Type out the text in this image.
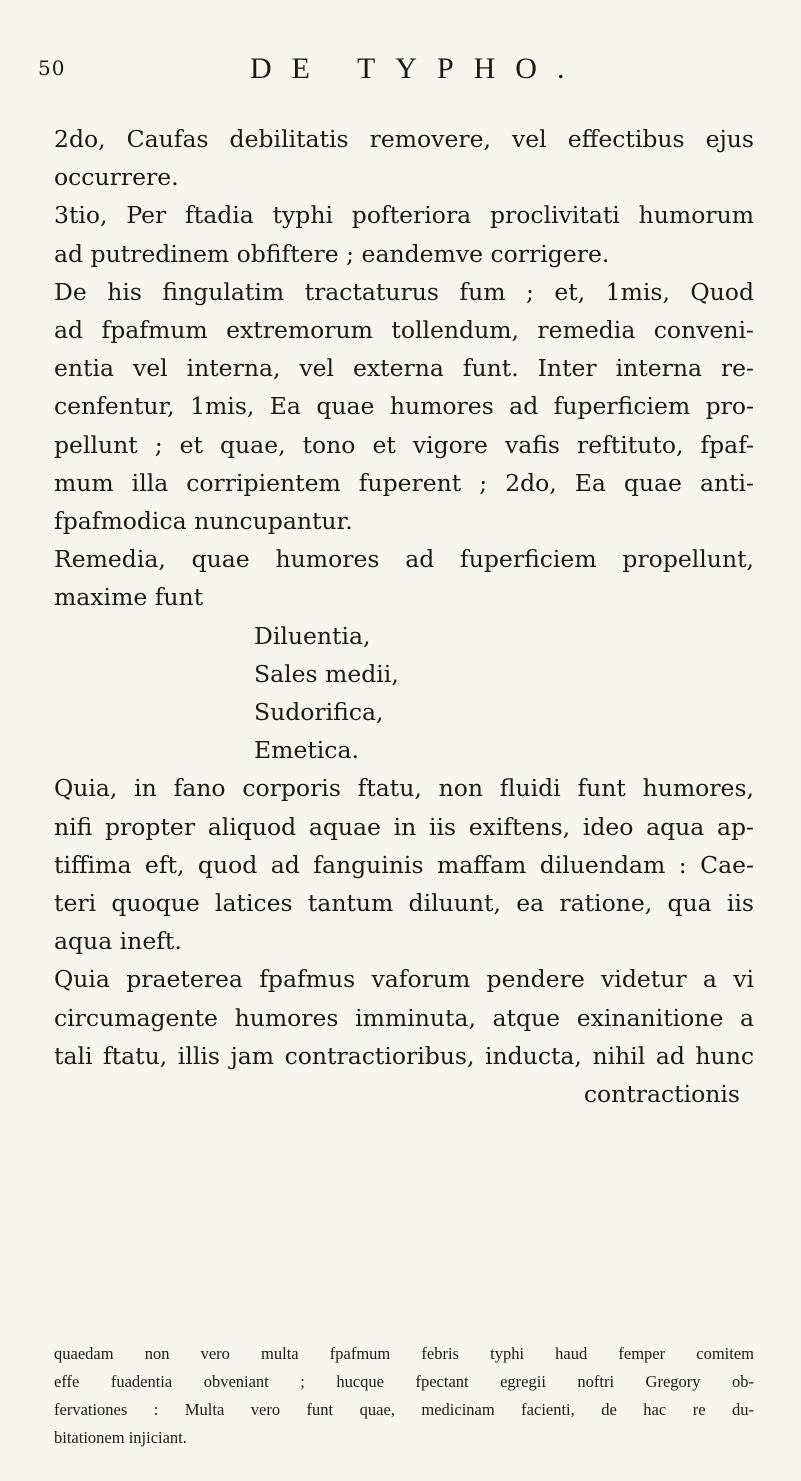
50	DE TYPHO.
2do, Caufas debilitatis removere, vel effectibus ejus
occurrere.
3tio, Per ftadia typhi pofteriora proclivitati humorum
ad putredinem obfiftere ; eandemve corrigere.
De his fingulatim tractaturus fum ; et, 1mis, Quod
ad fpafmum extremorum tollendum, remedia conveni-
entia vel interna, vel externa funt. Inter interna re-
cenfentur, 1mis, Ea quae humores ad fuperficiem pro-
pellunt ; et quae, tono et vigore vafis reftituto, fpaf-
mum illa corripientem fuperent ; 2do, Ea quae anti-
fpafmodica nuncupantur.
Remedia, quae humores ad fuperficiem propellunt,
maxime funt
Diluentia,
Sales medii,
Sudorifica,
Emetica.
Quia, in fano corporis ftatu, non fluidi funt humores,
nifi propter aliquod aquae in iis exiftens, ideo aqua ap-
tiffima eft, quod ad fanguinis maffam diluendam : Cae-
teri quoque latices tantum diluunt, ea ratione, qua iis
aqua ineft.
Quia praeterea fpafmus vaforum pendere videtur a vi
circumagente humores imminuta, atque exinanitione a
tali ftatu, illis jam contractioribus, inducta, nihil ad hunc
contractionis
quaedam non vero multa fpafmum febris typhi haud femper comitem
effe fuadentia obveniant ; hucque fpectant egregii noftri Gregory ob-
fervationes : Multa vero funt quae, medicinam facienti, de hac re du-
bitationem injiciant.
